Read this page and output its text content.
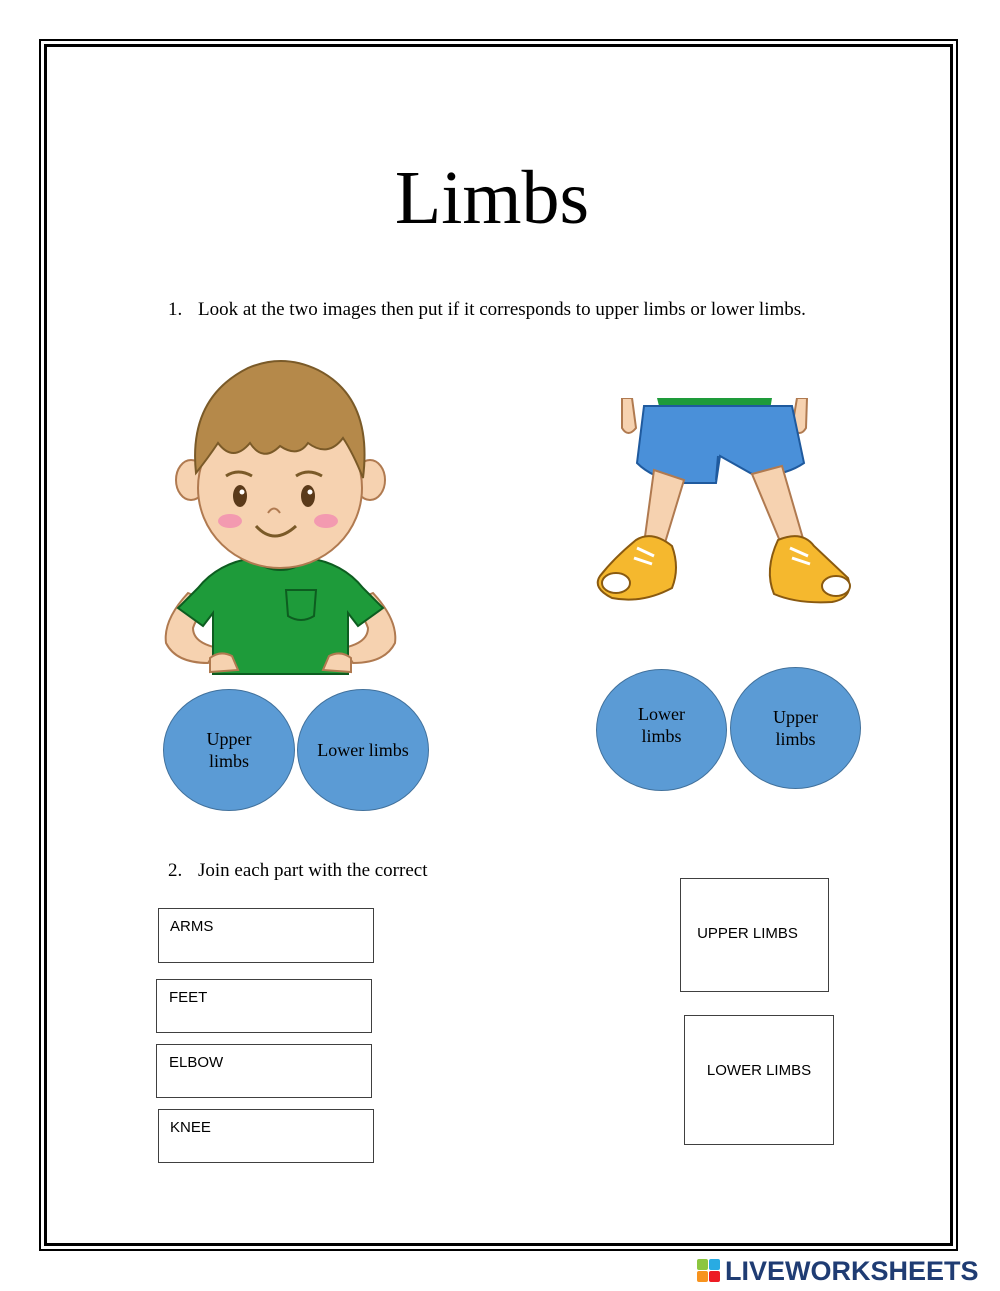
Limbs
1. Look at the two images then put if it corresponds to upper limbs or lower limbs.
Upper
limbs
Lower limbs
Lower
limbs
Upper
limbs
2. Join each part with the correct
ARMS
FEET
ELBOW
KNEE
UPPER LIMBS
LOWER LIMBS
LIVEWORKSHEETS
